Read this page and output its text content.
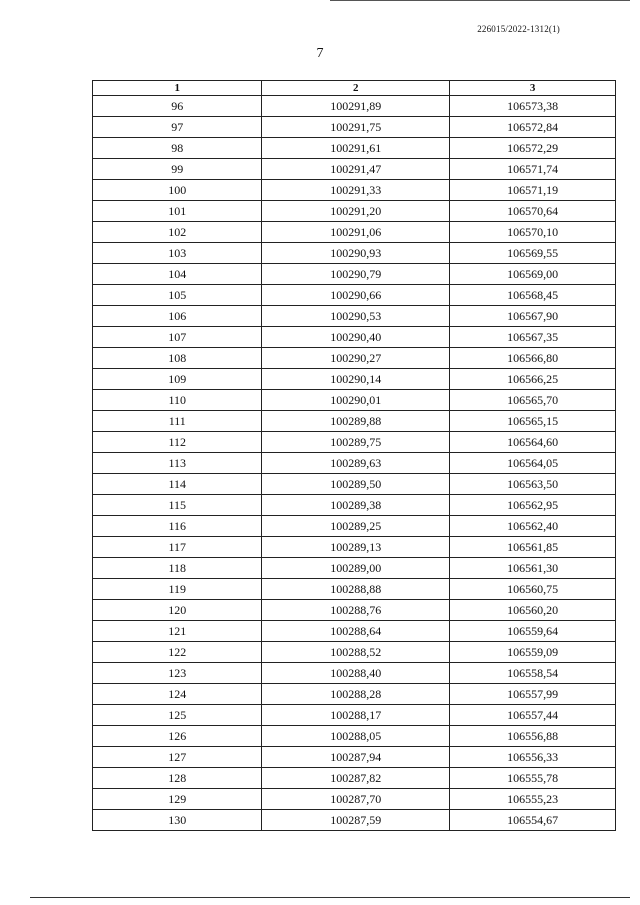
226015/2022-1312(1)
7
1	2	3
96	100291,89	106573,38
97	100291,75	106572,84
98	100291,61	106572,29
99	100291,47	106571,74
100	100291,33	106571,19
101	100291,20	106570,64
102	100291,06	106570,10
103	100290,93	106569,55
104	100290,79	106569,00
105	100290,66	106568,45
106	100290,53	106567,90
107	100290,40	106567,35
108	100290,27	106566,80
109	100290,14	106566,25
110	100290,01	106565,70
111	100289,88	106565,15
112	100289,75	106564,60
113	100289,63	106564,05
114	100289,50	106563,50
115	100289,38	106562,95
116	100289,25	106562,40
117	100289,13	106561,85
118	100289,00	106561,30
119	100288,88	106560,75
120	100288,76	106560,20
121	100288,64	106559,64
122	100288,52	106559,09
123	100288,40	106558,54
124	100288,28	106557,99
125	100288,17	106557,44
126	100288,05	106556,88
127	100287,94	106556,33
128	100287,82	106555,78
129	100287,70	106555,23
130	100287,59	106554,67
